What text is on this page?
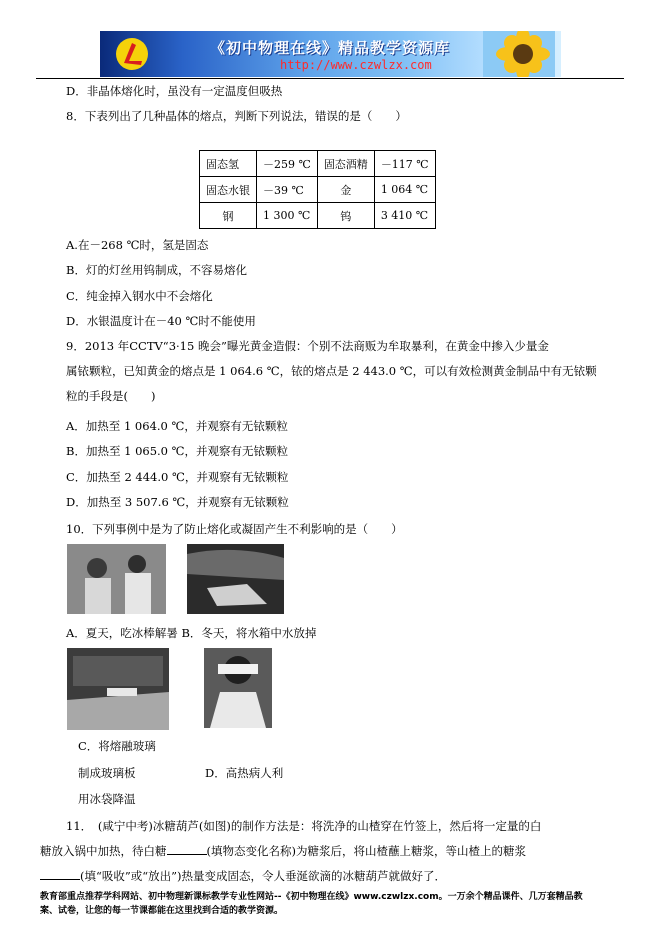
《初中物理在线》精品教学资源库
http://www.czwlzx.com
D．非晶体熔化时，虽没有一定温度但吸热
8．下表列出了几种晶体的熔点，判断下列说法，错误的是（　　）
固态氢	－259 ℃	固态酒精	－117 ℃
固态水银	－39 ℃	金	1 064 ℃
钢	1 300 ℃	钨	3 410 ℃
A.在－268 ℃时，氢是固态
B．灯的灯丝用钨制成，不容易熔化
C．纯金掉入钢水中不会熔化
D．水银温度计在－40 ℃时不能使用
9．2013 年CCTV“3·15 晚会”曝光黄金造假：个别不法商贩为牟取暴利，在黄金中掺入少量金
属铱颗粒，已知黄金的熔点是 1 064.6 ℃，铱的熔点是 2 443.0 ℃，可以有效检测黄金制品中有无铱颗
粒的手段是(　　)
A．加热至 1 064.0 ℃，并观察有无铱颗粒
B．加热至 1 065.0 ℃，并观察有无铱颗粒
C．加热至 2 444.0 ℃，并观察有无铱颗粒
D．加热至 3 507.6 ℃，并观察有无铱颗粒
10．下列事例中是为了防止熔化或凝固产生不利影响的是（　　）
A．夏天，吃冰棒解暑 B．冬天，将水箱中水放掉
C．将熔融玻璃
制成玻璃板	D．高热病人利
用冰袋降温
11．　(咸宁中考)冰糖葫芦(如图)的制作方法是：将洗净的山楂穿在竹签上，然后将一定量的白
糖放入锅中加热，待白糖	(填物态变化名称)为糖浆后，将山楂蘸上糖浆，等山楂上的糖浆
(填“吸收”或“放出”)热量变成固态，令人垂涎欲滴的冰糖葫芦就做好了．
教育部重点推荐学科网站、初中物理新课标教学专业性网站--《初中物理在线》www.czwlzx.com。一万余个精品课件、几万套精品教
案、试卷，让您的每一节课都能在这里找到合适的教学资源。
